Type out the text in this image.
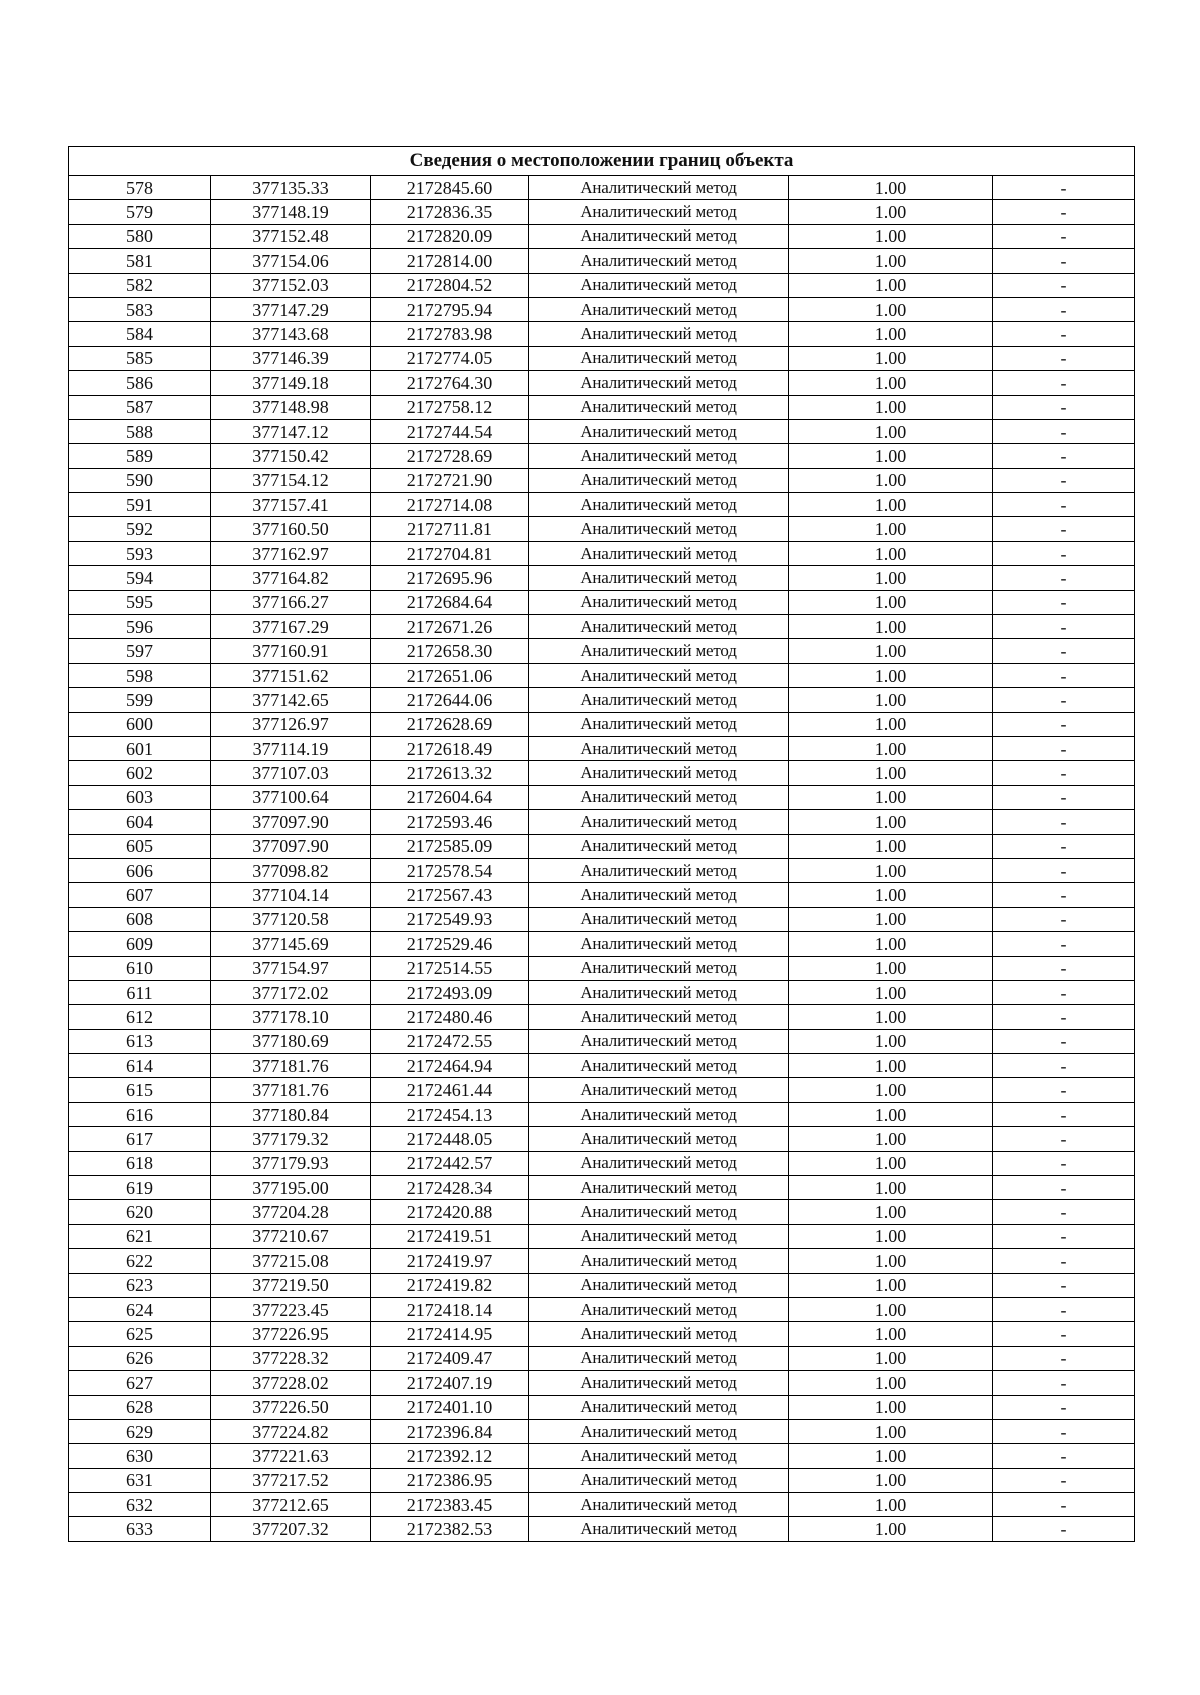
Сведения о местоположении границ объекта					
578	377135.33	2172845.60	Аналитический метод	1.00	-
579	377148.19	2172836.35	Аналитический метод	1.00	-
580	377152.48	2172820.09	Аналитический метод	1.00	-
581	377154.06	2172814.00	Аналитический метод	1.00	-
582	377152.03	2172804.52	Аналитический метод	1.00	-
583	377147.29	2172795.94	Аналитический метод	1.00	-
584	377143.68	2172783.98	Аналитический метод	1.00	-
585	377146.39	2172774.05	Аналитический метод	1.00	-
586	377149.18	2172764.30	Аналитический метод	1.00	-
587	377148.98	2172758.12	Аналитический метод	1.00	-
588	377147.12	2172744.54	Аналитический метод	1.00	-
589	377150.42	2172728.69	Аналитический метод	1.00	-
590	377154.12	2172721.90	Аналитический метод	1.00	-
591	377157.41	2172714.08	Аналитический метод	1.00	-
592	377160.50	2172711.81	Аналитический метод	1.00	-
593	377162.97	2172704.81	Аналитический метод	1.00	-
594	377164.82	2172695.96	Аналитический метод	1.00	-
595	377166.27	2172684.64	Аналитический метод	1.00	-
596	377167.29	2172671.26	Аналитический метод	1.00	-
597	377160.91	2172658.30	Аналитический метод	1.00	-
598	377151.62	2172651.06	Аналитический метод	1.00	-
599	377142.65	2172644.06	Аналитический метод	1.00	-
600	377126.97	2172628.69	Аналитический метод	1.00	-
601	377114.19	2172618.49	Аналитический метод	1.00	-
602	377107.03	2172613.32	Аналитический метод	1.00	-
603	377100.64	2172604.64	Аналитический метод	1.00	-
604	377097.90	2172593.46	Аналитический метод	1.00	-
605	377097.90	2172585.09	Аналитический метод	1.00	-
606	377098.82	2172578.54	Аналитический метод	1.00	-
607	377104.14	2172567.43	Аналитический метод	1.00	-
608	377120.58	2172549.93	Аналитический метод	1.00	-
609	377145.69	2172529.46	Аналитический метод	1.00	-
610	377154.97	2172514.55	Аналитический метод	1.00	-
611	377172.02	2172493.09	Аналитический метод	1.00	-
612	377178.10	2172480.46	Аналитический метод	1.00	-
613	377180.69	2172472.55	Аналитический метод	1.00	-
614	377181.76	2172464.94	Аналитический метод	1.00	-
615	377181.76	2172461.44	Аналитический метод	1.00	-
616	377180.84	2172454.13	Аналитический метод	1.00	-
617	377179.32	2172448.05	Аналитический метод	1.00	-
618	377179.93	2172442.57	Аналитический метод	1.00	-
619	377195.00	2172428.34	Аналитический метод	1.00	-
620	377204.28	2172420.88	Аналитический метод	1.00	-
621	377210.67	2172419.51	Аналитический метод	1.00	-
622	377215.08	2172419.97	Аналитический метод	1.00	-
623	377219.50	2172419.82	Аналитический метод	1.00	-
624	377223.45	2172418.14	Аналитический метод	1.00	-
625	377226.95	2172414.95	Аналитический метод	1.00	-
626	377228.32	2172409.47	Аналитический метод	1.00	-
627	377228.02	2172407.19	Аналитический метод	1.00	-
628	377226.50	2172401.10	Аналитический метод	1.00	-
629	377224.82	2172396.84	Аналитический метод	1.00	-
630	377221.63	2172392.12	Аналитический метод	1.00	-
631	377217.52	2172386.95	Аналитический метод	1.00	-
632	377212.65	2172383.45	Аналитический метод	1.00	-
633	377207.32	2172382.53	Аналитический метод	1.00	-
